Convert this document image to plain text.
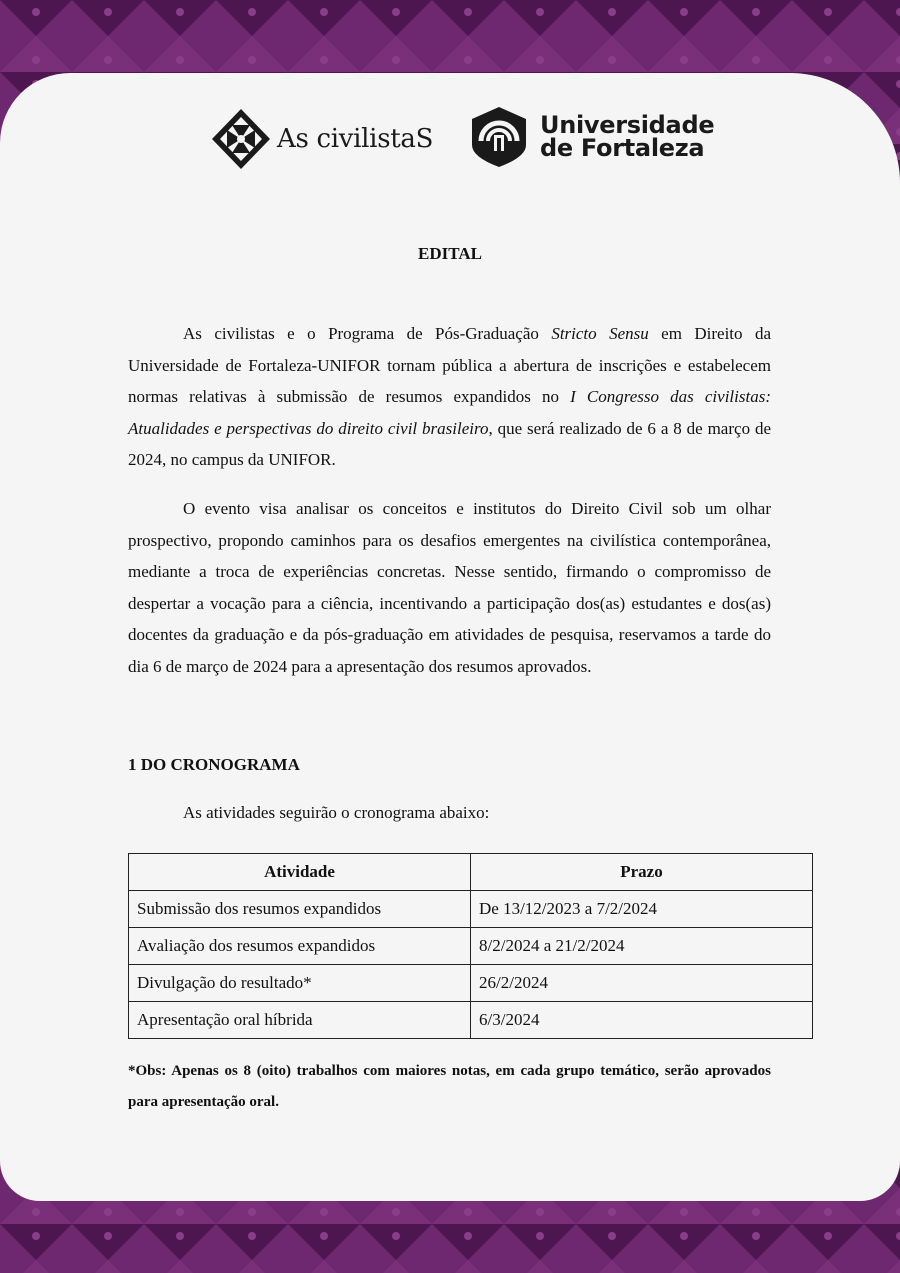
As civilistaS	Universidade
de Fortaleza
EDITAL

As civilistas e o Programa de Pós-Graduação Stricto Sensu em Direito da Universidade de Fortaleza-UNIFOR tornam pública a abertura de inscrições e estabelecem normas relativas à submissão de resumos expandidos no I Congresso das civilistas: Atualidades e perspectivas do direito civil brasileiro, que será realizado de 6 a 8 de março de 2024, no campus da UNIFOR.

O evento visa analisar os conceitos e institutos do Direito Civil sob um olhar prospectivo, propondo caminhos para os desafios emergentes na civilística contemporânea, mediante a troca de experiências concretas. Nesse sentido, firmando o compromisso de despertar a vocação para a ciência, incentivando a participação dos(as) estudantes e dos(as) docentes da graduação e da pós-graduação em atividades de pesquisa, reservamos a tarde do dia 6 de março de 2024 para a apresentação dos resumos aprovados.

1 DO CRONOGRAMA
As atividades seguirão o cronograma abaixo:
Atividade	Prazo
Submissão dos resumos expandidos	De 13/12/2023 a 7/2/2024
Avaliação dos resumos expandidos	8/2/2024 a 21/2/2024
Divulgação do resultado*	26/2/2024
Apresentação oral híbrida	6/3/2024

*Obs: Apenas os 8 (oito) trabalhos com maiores notas, em cada grupo temático, serão aprovados para apresentação oral.
